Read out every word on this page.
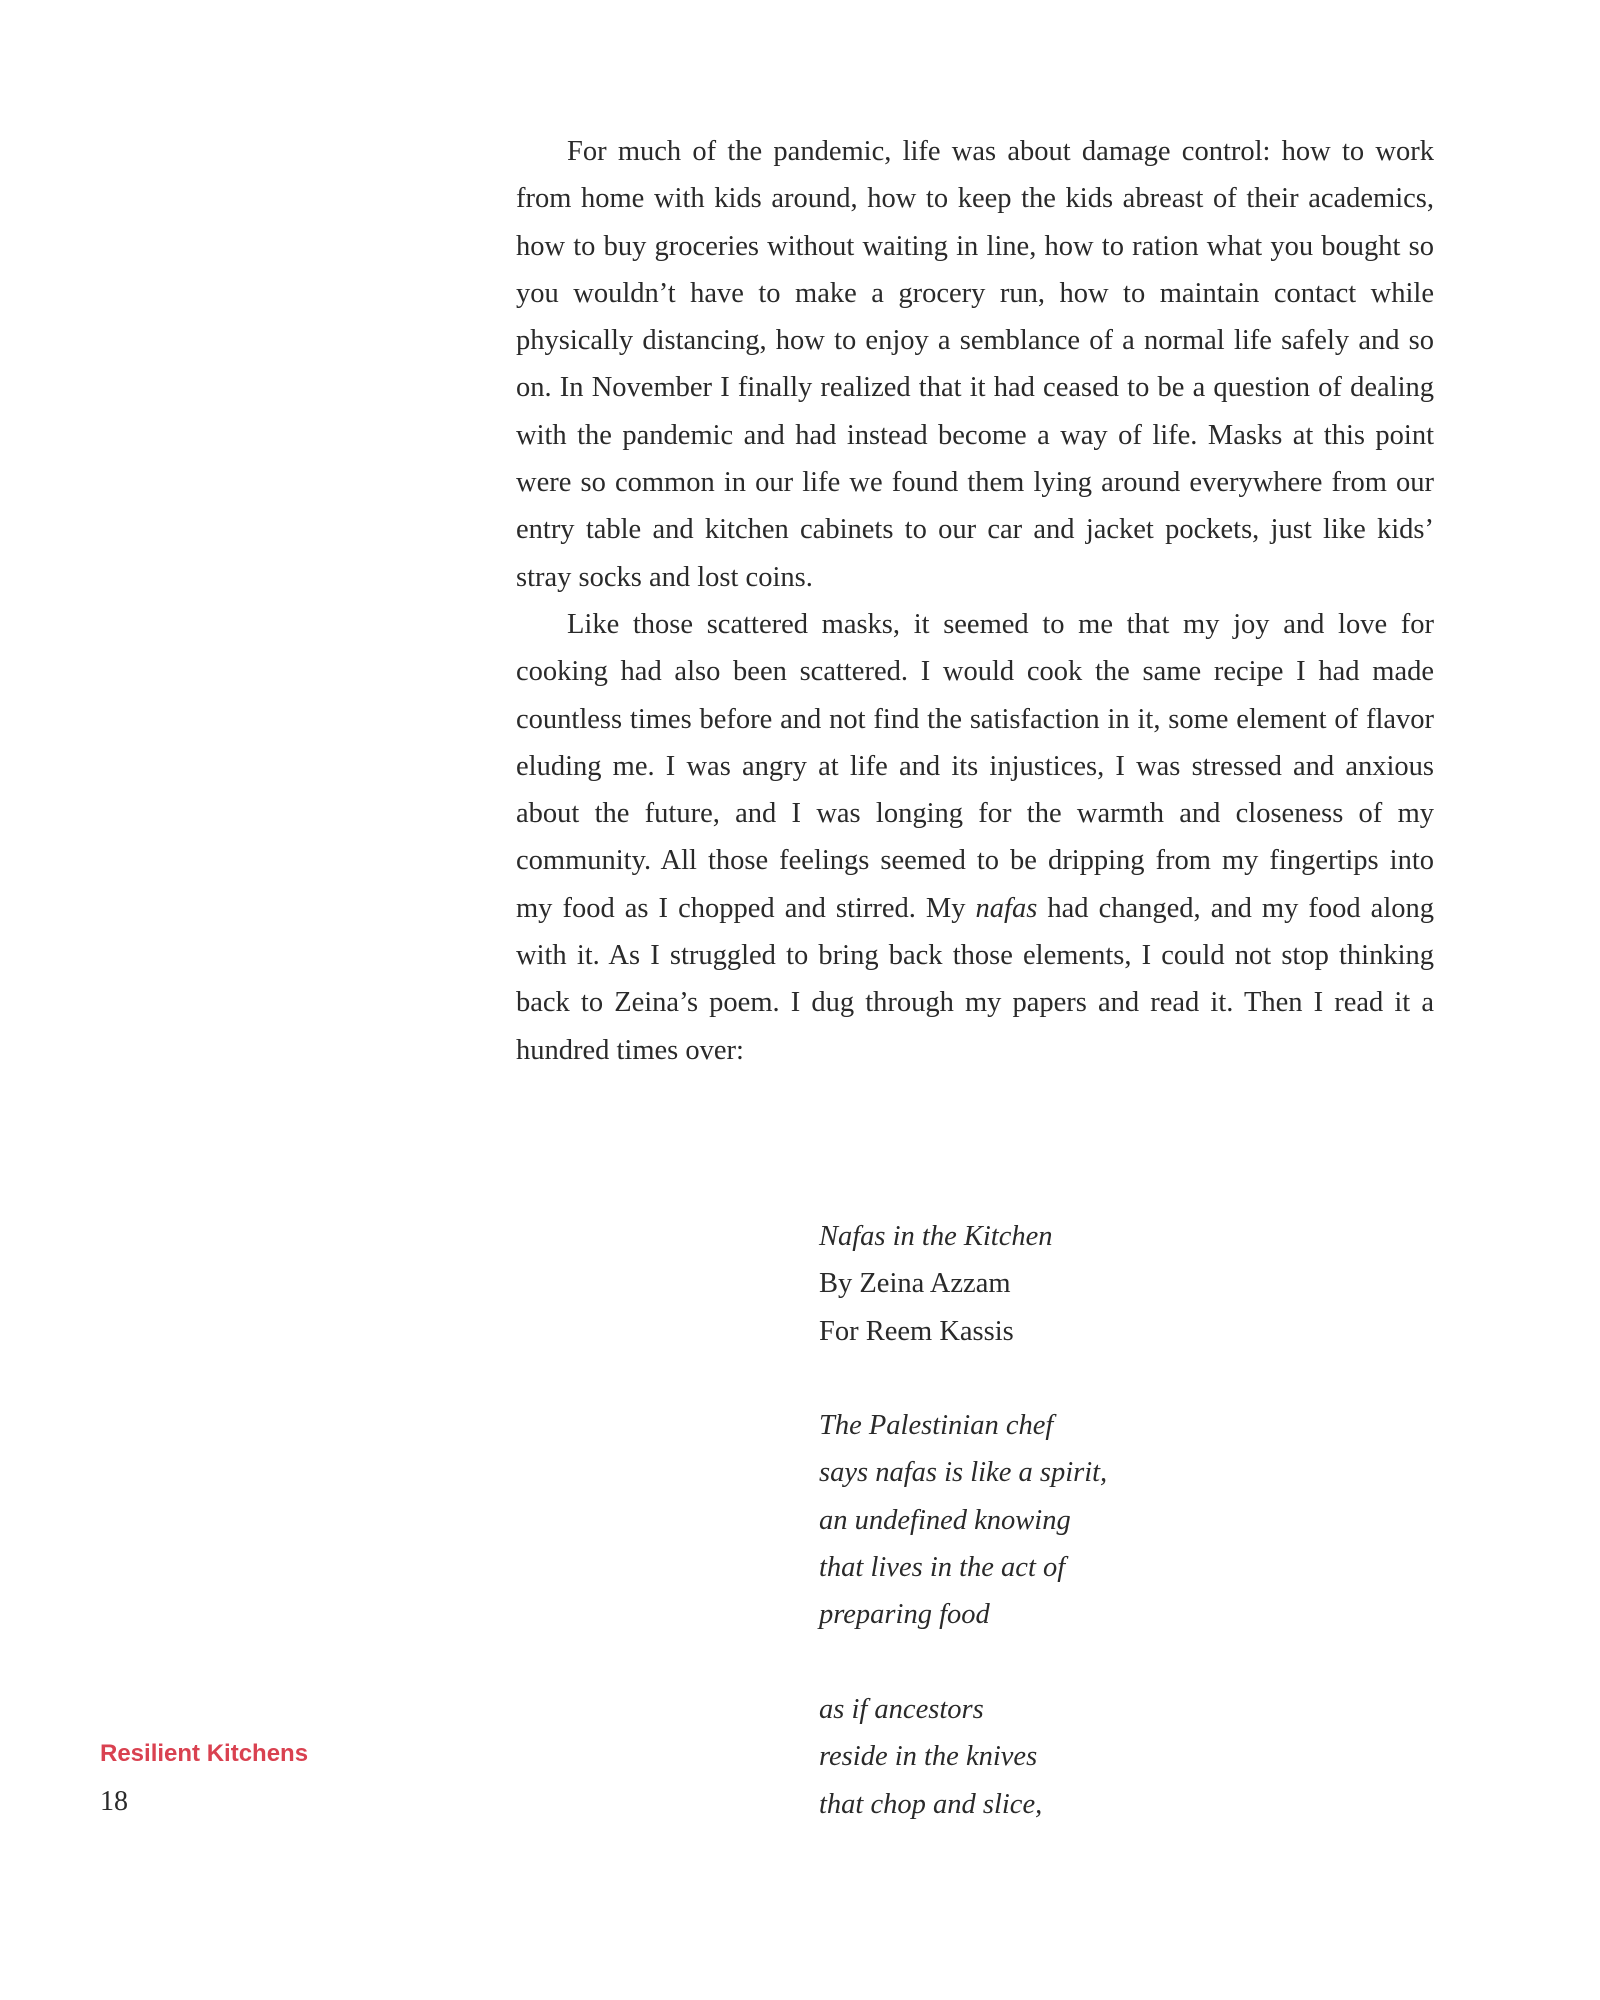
For much of the pandemic, life was about damage control: how to work from home with kids around, how to keep the kids abreast of their academics, how to buy groceries without waiting in line, how to ration what you bought so you wouldn’t have to make a grocery run, how to maintain contact while physically distancing, how to enjoy a semblance of a normal life safely and so on. In November I finally realized that it had ceased to be a question of dealing with the pandemic and had instead become a way of life. Masks at this point were so common in our life we found them lying around everywhere from our entry table and kitchen cabinets to our car and jacket pockets, just like kids’ stray socks and lost coins.

Like those scattered masks, it seemed to me that my joy and love for cooking had also been scattered. I would cook the same recipe I had made countless times before and not find the satisfaction in it, some element of flavor eluding me. I was angry at life and its injustices, I was stressed and anxious about the future, and I was longing for the warmth and closeness of my community. All those feelings seemed to be dripping from my fingertips into my food as I chopped and stirred. My nafas had changed, and my food along with it. As I struggled to bring back those elements, I could not stop thinking back to Zeina’s poem. I dug through my papers and read it. Then I read it a hundred times over:

Nafas in the Kitchen
By Zeina Azzam
For Reem Kassis
The Palestinian chef
says nafas is like a spirit,
an undefined knowing
that lives in the act of
preparing food
as if ancestors
reside in the knives
that chop and slice,
Resilient Kitchens
18
